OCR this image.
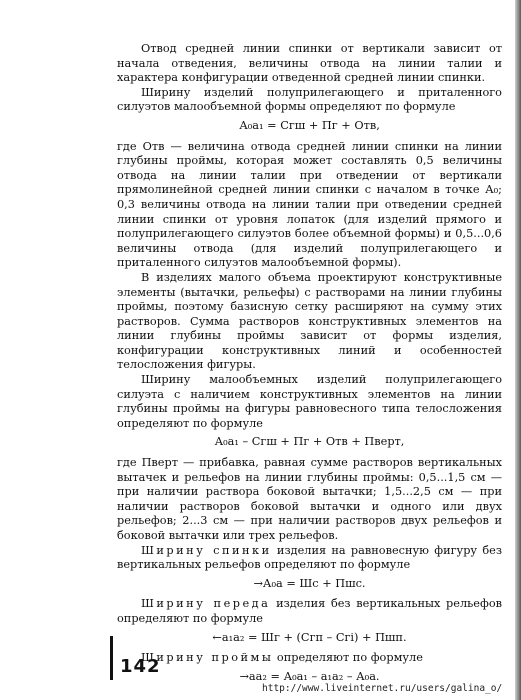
Отвод средней линии спинки от вертикали зависит от начала отведения, величины отвода на линии талии и характера конфигурации отведенной средней линии спинки.

Ширину изделий полуприлегающего и приталенного силуэтов малообъемной формы определяют по формуле

А₀а₁ = Сгш + Пг + Отв,

где Отв — величина отвода средней линии спинки на линии глубины проймы, которая может составлять 0,5 величины отвода на линии талии при отведении от вертикали прямолинейной средней линии спинки с началом в точке А₀; 0,3 величины отвода на линии талии при отведении средней линии спинки от уровня лопаток (для изделий прямого и полуприлегающего силуэтов более объемной формы) и 0,5...0,6 величины отвода (для изделий полуприлегающего и приталенного силуэтов малообъемной формы).

В изделиях малого объема проектируют конструктивные элементы (вытачки, рельефы) с растворами на линии глубины проймы, поэтому базисную сетку расширяют на сумму этих растворов. Сумма растворов конструктивных элементов на линии глубины проймы зависит от формы изделия, конфигурации конструктивных линий и особенностей телосложения фигуры.

Ширину малообъемных изделий полуприлегающего силуэта с наличием конструктивных элементов на линии глубины проймы на фигуры равновесного типа телосложения определяют по формуле

А₀а₁ – Сгш + Пг + Отв + Пверт,

где Пверт — прибавка, равная сумме растворов вертикальных вытачек и рельефов на линии глубины проймы: 0,5...1,5 см — при наличии раствора боковой вытачки; 1,5...2,5 см — при наличии растворов боковой вытачки и одного или двух рельефов; 2...3 см — при наличии растворов двух рельефов и боковой вытачки или трех рельефов.

Ширину спинки изделия на равновесную фигуру без вертикальных рельефов определяют по формуле

→А₀а = Шс + Пшс.

Ширину переда изделия без вертикальных рельефов определяют по формуле

←а₁а₂ = Шг + (Сгп – Сгі) + Пшп.

Ширину проймы определяют по формуле

→аа₂ = А₀а₁ – а₁а₂ – А₀а.
142
http://www.liveinternet.ru/users/galina_o/
